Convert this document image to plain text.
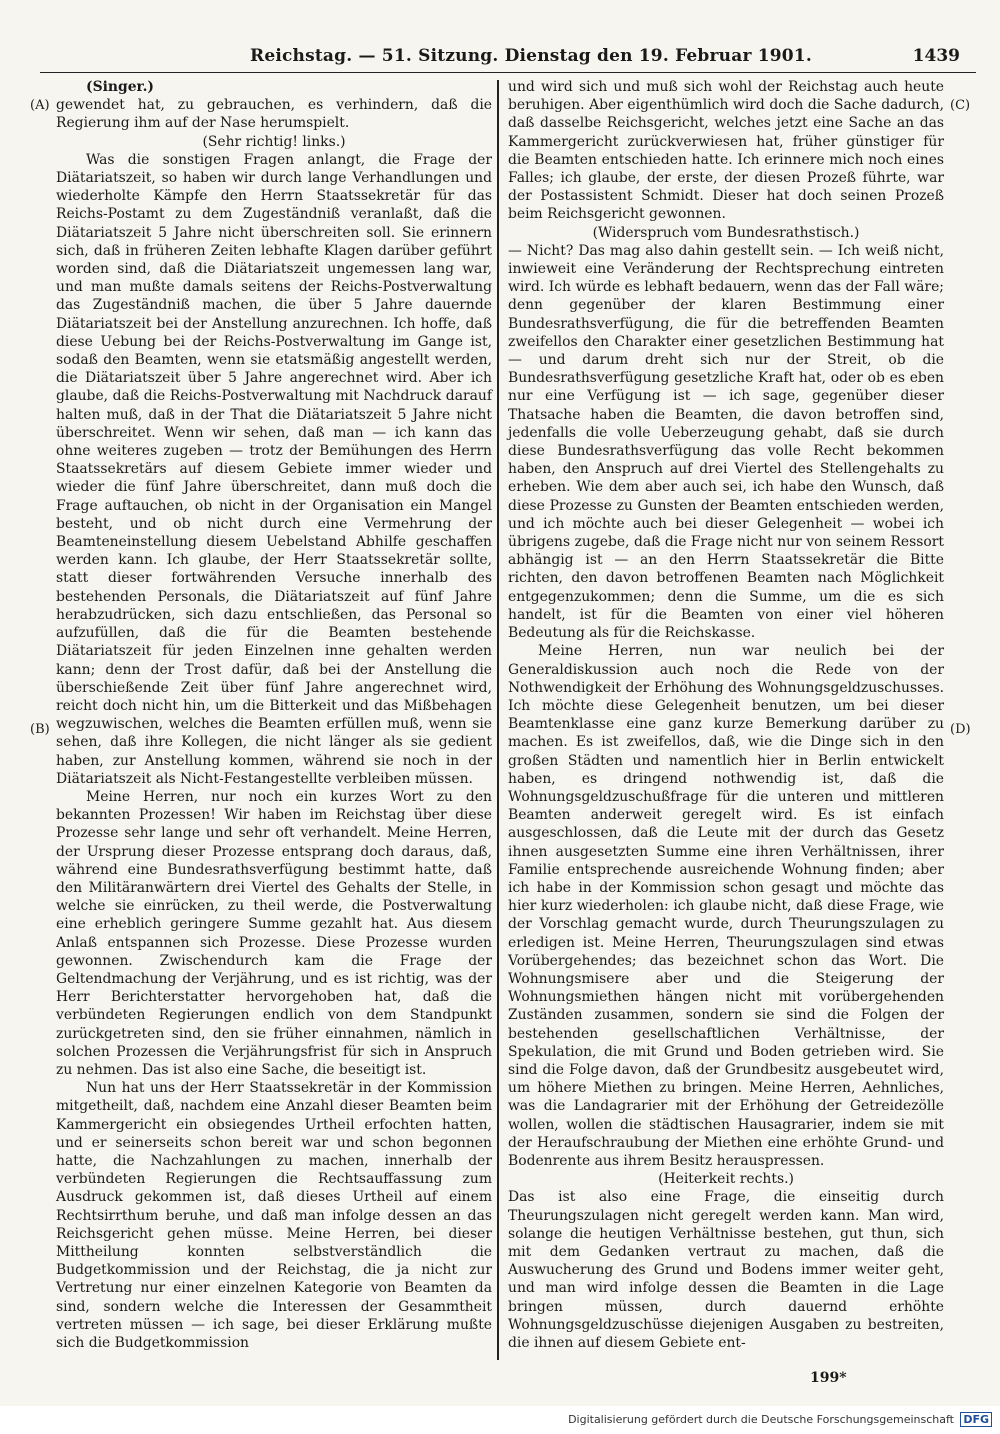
Reichstag. — 51. Sitzung. Dienstag den 19. Februar 1901.	1439
(A)
(B)
(C)
(D)

(Singer.)

gewendet hat, zu gebrauchen, es verhindern, daß die Regierung ihm auf der Nase herumspielt.

(Sehr richtig! links.)

Was die sonstigen Fragen anlangt, die Frage der Diätariatszeit, so haben wir durch lange Verhandlungen und wiederholte Kämpfe den Herrn Staatssekretär für das Reichs-Postamt zu dem Zugeständniß veranlaßt, daß die Diätariatszeit 5 Jahre nicht überschreiten soll. Sie erinnern sich, daß in früheren Zeiten lebhafte Klagen darüber geführt worden sind, daß die Diätariatszeit ungemessen lang war, und man mußte damals seitens der Reichs-Postverwaltung das Zugeständniß machen, die über 5 Jahre dauernde Diätariatszeit bei der Anstellung anzurechnen. Ich hoffe, daß diese Uebung bei der Reichs-Postverwaltung im Gange ist, sodaß den Beamten, wenn sie etatsmäßig angestellt werden, die Diätariatszeit über 5 Jahre angerechnet wird. Aber ich glaube, daß die Reichs-Postverwaltung mit Nachdruck darauf halten muß, daß in der That die Diätariatszeit 5 Jahre nicht überschreitet. Wenn wir sehen, daß man — ich kann das ohne weiteres zugeben — trotz der Bemühungen des Herrn Staatssekretärs auf diesem Gebiete immer wieder und wieder die fünf Jahre überschreitet, dann muß doch die Frage auftauchen, ob nicht in der Organisation ein Mangel besteht, und ob nicht durch eine Vermehrung der Beamteneinstellung diesem Uebelstand Abhilfe geschaffen werden kann. Ich glaube, der Herr Staatssekretär sollte, statt dieser fortwährenden Versuche innerhalb des bestehenden Personals, die Diätariatszeit auf fünf Jahre herabzudrücken, sich dazu entschließen, das Personal so aufzufüllen, daß die für die Beamten bestehende Diätariatszeit für jeden Einzelnen inne gehalten werden kann; denn der Trost dafür, daß bei der Anstellung die überschießende Zeit über fünf Jahre angerechnet wird, reicht doch nicht hin, um die Bitterkeit und das Mißbehagen wegzuwischen, welches die Beamten erfüllen muß, wenn sie sehen, daß ihre Kollegen, die nicht länger als sie gedient haben, zur Anstellung kommen, während sie noch in der Diätariatszeit als Nicht-Festangestellte verbleiben müssen.

Meine Herren, nur noch ein kurzes Wort zu den bekannten Prozessen! Wir haben im Reichstag über diese Prozesse sehr lange und sehr oft verhandelt. Meine Herren, der Ursprung dieser Prozesse entsprang doch daraus, daß, während eine Bundesrathsverfügung bestimmt hatte, daß den Militäranwärtern drei Viertel des Gehalts der Stelle, in welche sie einrücken, zu theil werde, die Postverwaltung eine erheblich geringere Summe gezahlt hat. Aus diesem Anlaß entspannen sich Prozesse. Diese Prozesse wurden gewonnen. Zwischendurch kam die Frage der Geltendmachung der Verjährung, und es ist richtig, was der Herr Berichterstatter hervorgehoben hat, daß die verbündeten Regierungen endlich von dem Standpunkt zurückgetreten sind, den sie früher einnahmen, nämlich in solchen Prozessen die Verjährungsfrist für sich in Anspruch zu nehmen. Das ist also eine Sache, die beseitigt ist.

Nun hat uns der Herr Staatssekretär in der Kommission mitgetheilt, daß, nachdem eine Anzahl dieser Beamten beim Kammergericht ein obsiegendes Urtheil erfochten hatten, und er seinerseits schon bereit war und schon begonnen hatte, die Nachzahlungen zu machen, innerhalb der verbündeten Regierungen die Rechtsauffassung zum Ausdruck gekommen ist, daß dieses Urtheil auf einem Rechtsirrthum beruhe, und daß man infolge dessen an das Reichsgericht gehen müsse. Meine Herren, bei dieser Mittheilung konnten selbstverständlich die Budgetkommission und der Reichstag, die ja nicht zur Vertretung nur einer einzelnen Kategorie von Beamten da sind, sondern welche die Interessen der Gesammtheit vertreten müssen — ich sage, bei dieser Erklärung mußte sich die Budgetkommission

und wird sich und muß sich wohl der Reichstag auch heute beruhigen. Aber eigenthümlich wird doch die Sache dadurch, daß dasselbe Reichsgericht, welches jetzt eine Sache an das Kammergericht zurückverwiesen hat, früher günstiger für die Beamten entschieden hatte. Ich erinnere mich noch eines Falles; ich glaube, der erste, der diesen Prozeß führte, war der Postassistent Schmidt. Dieser hat doch seinen Prozeß beim Reichsgericht gewonnen.

(Widerspruch vom Bundesrathstisch.)

— Nicht? Das mag also dahin gestellt sein. — Ich weiß nicht, inwieweit eine Veränderung der Rechtsprechung eintreten wird. Ich würde es lebhaft bedauern, wenn das der Fall wäre; denn gegenüber der klaren Bestimmung einer Bundesrathsverfügung, die für die betreffenden Beamten zweifellos den Charakter einer gesetzlichen Bestimmung hat — und darum dreht sich nur der Streit, ob die Bundesrathsverfügung gesetzliche Kraft hat, oder ob es eben nur eine Verfügung ist — ich sage, gegenüber dieser Thatsache haben die Beamten, die davon betroffen sind, jedenfalls die volle Ueberzeugung gehabt, daß sie durch diese Bundesrathsverfügung das volle Recht bekommen haben, den Anspruch auf drei Viertel des Stellengehalts zu erheben. Wie dem aber auch sei, ich habe den Wunsch, daß diese Prozesse zu Gunsten der Beamten entschieden werden, und ich möchte auch bei dieser Gelegenheit — wobei ich übrigens zugebe, daß die Frage nicht nur von seinem Ressort abhängig ist — an den Herrn Staatssekretär die Bitte richten, den davon betroffenen Beamten nach Möglichkeit entgegenzukommen; denn die Summe, um die es sich handelt, ist für die Beamten von einer viel höheren Bedeutung als für die Reichskasse.

Meine Herren, nun war neulich bei der Generaldiskussion auch noch die Rede von der Nothwendigkeit der Erhöhung des Wohnungsgeldzuschusses. Ich möchte diese Gelegenheit benutzen, um bei dieser Beamtenklasse eine ganz kurze Bemerkung darüber zu machen. Es ist zweifellos, daß, wie die Dinge sich in den großen Städten und namentlich hier in Berlin entwickelt haben, es dringend nothwendig ist, daß die Wohnungsgeldzuschußfrage für die unteren und mittleren Beamten anderweit geregelt wird. Es ist einfach ausgeschlossen, daß die Leute mit der durch das Gesetz ihnen ausgesetzten Summe eine ihren Verhältnissen, ihrer Familie entsprechende ausreichende Wohnung finden; aber ich habe in der Kommission schon gesagt und möchte das hier kurz wiederholen: ich glaube nicht, daß diese Frage, wie der Vorschlag gemacht wurde, durch Theurungszulagen zu erledigen ist. Meine Herren, Theurungszulagen sind etwas Vorübergehendes; das bezeichnet schon das Wort. Die Wohnungsmisere aber und die Steigerung der Wohnungsmiethen hängen nicht mit vorübergehenden Zuständen zusammen, sondern sie sind die Folgen der bestehenden gesellschaftlichen Verhältnisse, der Spekulation, die mit Grund und Boden getrieben wird. Sie sind die Folge davon, daß der Grundbesitz ausgebeutet wird, um höhere Miethen zu bringen. Meine Herren, Aehnliches, was die Landagrarier mit der Erhöhung der Getreidezölle wollen, wollen die städtischen Hausagrarier, indem sie mit der Heraufschraubung der Miethen eine erhöhte Grund- und Bodenrente aus ihrem Besitz herauspressen.

(Heiterkeit rechts.)

Das ist also eine Frage, die einseitig durch Theurungszulagen nicht geregelt werden kann. Man wird, solange die heutigen Verhältnisse bestehen, gut thun, sich mit dem Gedanken vertraut zu machen, daß die Auswucherung des Grund und Bodens immer weiter geht, und man wird infolge dessen die Beamten in die Lage bringen müssen, durch dauernd erhöhte Wohnungsgeldzuschüsse diejenigen Ausgaben zu bestreiten, die ihnen auf diesem Gebiete ent-

199*
Digitalisierung gefördert durch die Deutsche Forschungsgemeinschaft DFG
